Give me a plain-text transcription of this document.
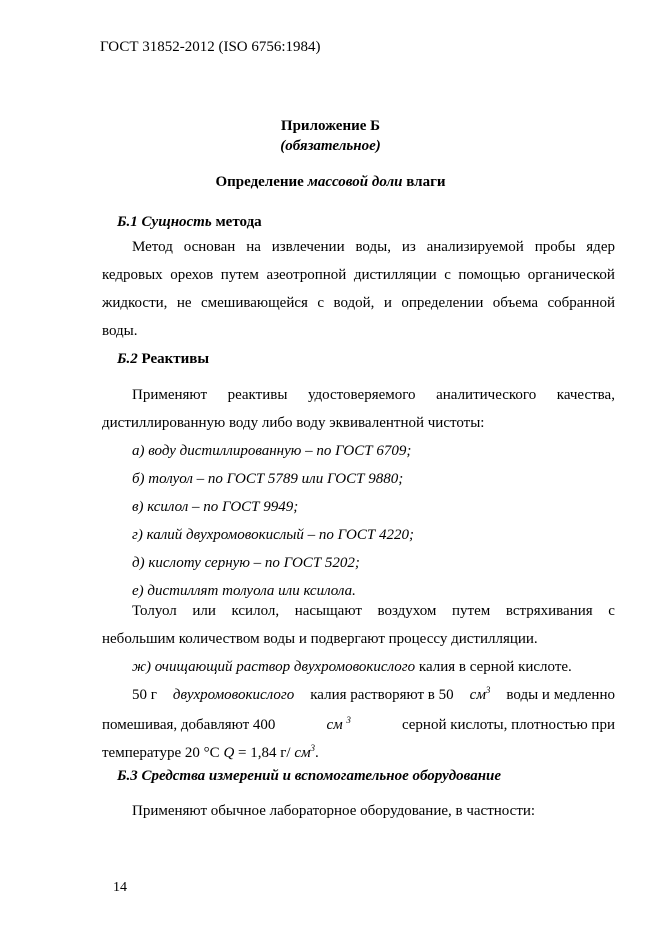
ГОСТ 31852-2012 (ISO 6756:1984)
Приложение Б
(обязательное)
Определение массовой доли влаги
Б.1 Сущность метода
Метод основан на извлечении воды, из анализируемой пробы ядер
кедровых орехов путем азеотропной дистилляции с помощью органической
жидкости, не смешивающейся с водой, и определении объема собранной
воды.
Б.2 Реактивы
Применяют реактивы удостоверяемого аналитического качества,
дистиллированную воду либо воду эквивалентной чистоты:
а) воду дистиллированную – по ГОСТ 6709;
б) толуол – по ГОСТ 5789 или ГОСТ 9880;
в) ксилол – по ГОСТ 9949;
г) калий двухромовокислый – по ГОСТ 4220;
д) кислоту серную – по ГОСТ 5202;
е) дистиллят толуола или ксилола.
Толуол или ксилол, насыщают воздухом путем встряхивания с
небольшим количеством воды и подвергают процессу дистилляции.
ж) очищающий раствор двухромовокислого калия в серной кислоте.
50 г двухромовокислого калия растворяют в 50 $см^3$ воды и медленно
помешивая, добавляют 400	см $^3$	серной кислоты, плотностью при
температуре 20 °С Q = 1,84 г/ $см^3$.
Б.3 Средства измерений и вспомогательное оборудование
Применяют обычное лабораторное оборудование, в частности:
14
